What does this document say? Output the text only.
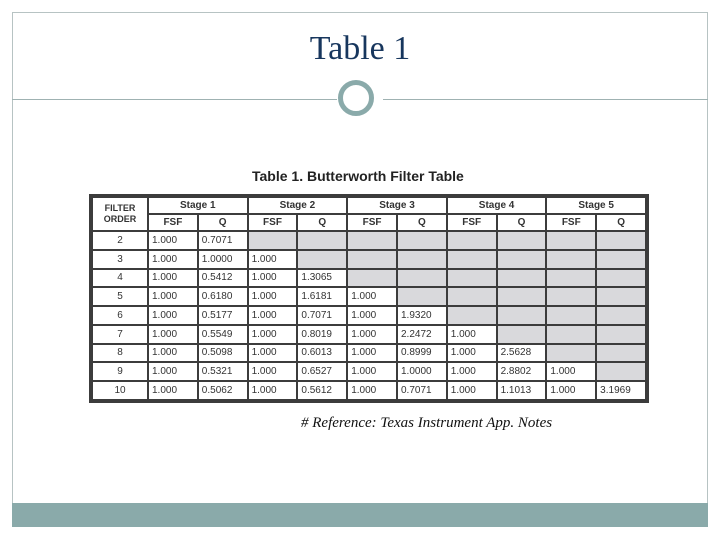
Table 1
Table 1. Butterworth Filter Table
FILTER
ORDER	Stage 1		Stage 2		Stage 3		Stage 4		Stage 5	
	FSF	Q	FSF	Q	FSF	Q	FSF	Q	FSF	Q
2	1.000	0.7071								
3	1.000	1.0000	1.000							
4	1.000	0.5412	1.000	1.3065						
5	1.000	0.6180	1.000	1.6181	1.000					
6	1.000	0.5177	1.000	0.7071	1.000	1.9320				
7	1.000	0.5549	1.000	0.8019	1.000	2.2472	1.000			
8	1.000	0.5098	1.000	0.6013	1.000	0.8999	1.000	2.5628		
9	1.000	0.5321	1.000	0.6527	1.000	1.0000	1.000	2.8802	1.000	
10	1.000	0.5062	1.000	0.5612	1.000	0.7071	1.000	1.1013	1.000	3.1969
# Reference: Texas Instrument App. Notes
